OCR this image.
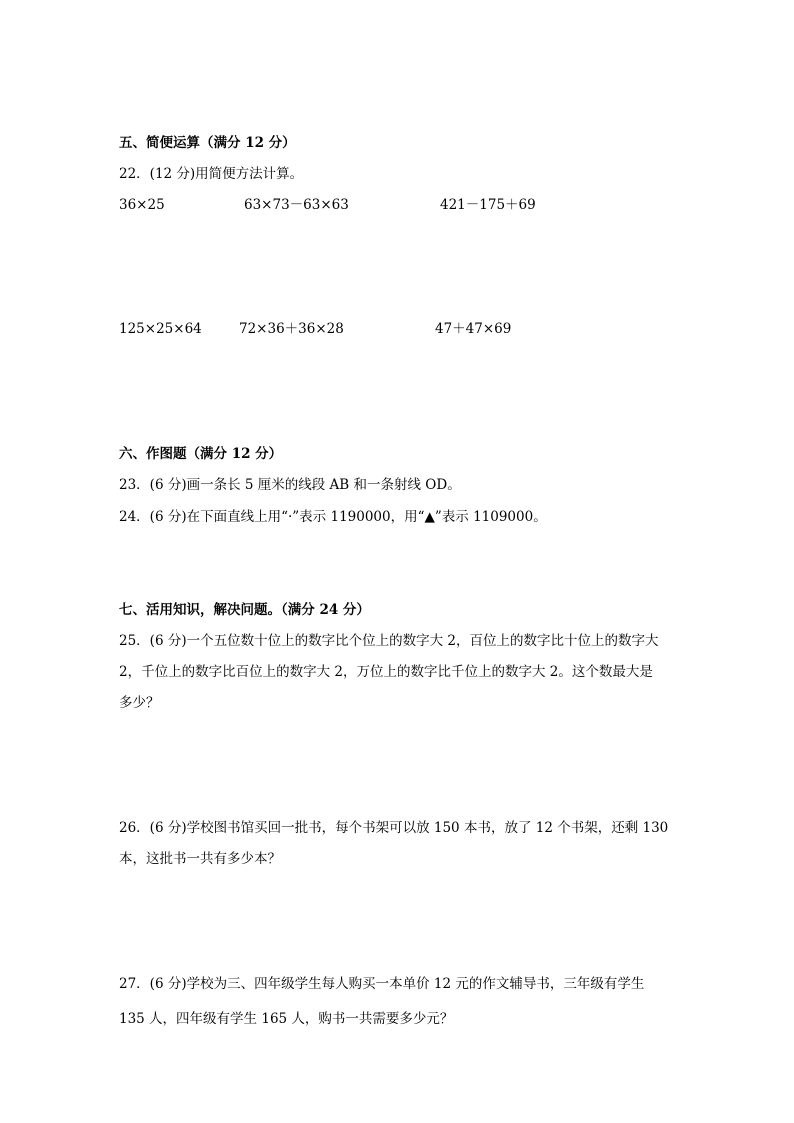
五、简便运算（满分 12 分）
22．(12 分)用简便方法计算。
36×25	63×73－63×63	421－175＋69
125×25×64	72×36＋36×28	47＋47×69
六、作图题（满分 12 分）
23．(6 分)画一条长 5 厘米的线段 AB 和一条射线 OD。
24．(6 分)在下面直线上用“·”表示 1190000，用“▲”表示 1109000。
七、活用知识，解决问题。（满分 24 分）
25．(6 分)一个五位数十位上的数字比个位上的数字大 2，百位上的数字比十位上的数字大
2，千位上的数字比百位上的数字大 2，万位上的数字比千位上的数字大 2。这个数最大是
多少？
26．(6 分)学校图书馆买回一批书，每个书架可以放 150 本书，放了 12 个书架，还剩 130
本，这批书一共有多少本？
27．(6 分)学校为三、四年级学生每人购买一本单价 12 元的作文辅导书，三年级有学生
135 人，四年级有学生 165 人，购书一共需要多少元？
